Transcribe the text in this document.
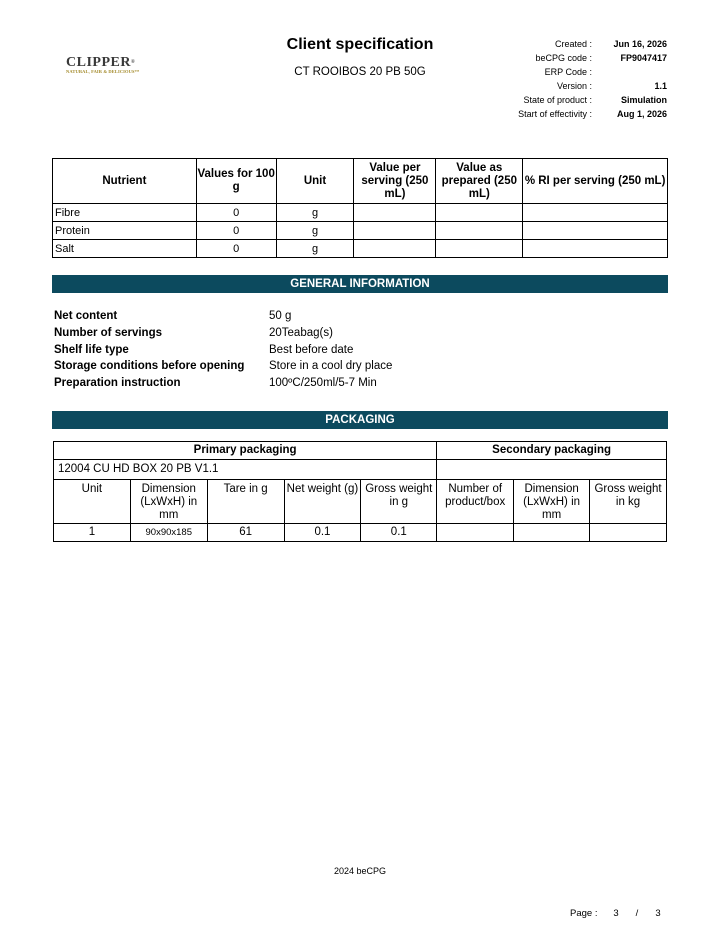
CLIPPER®
NATURAL, FAIR & DELICIOUS™
Client specification
CT ROOIBOS 20 PB 50G
Created :	Jun 16, 2026
beCPG code :	FP9047417
ERP Code :
Version :	1.1
State of product :	Simulation
Start of effectivity :	Aug 1, 2026
Nutrient	Values for 100 g	Unit	Value per serving (250 mL)	Value as prepared (250 mL)	% RI per serving (250 mL)
Fibre	0	g			
Protein	0	g			
Salt	0	g			
GENERAL INFORMATION
Net content	50 g
Number of servings	20Teabag(s)
Shelf life type	Best before date
Storage conditions before opening	Store in a cool dry place
Preparation instruction	100ºC/250ml/5-7 Min
PACKAGING
Primary packaging					Secondary packaging		
12004 CU HD BOX 20 PB V1.1							
Unit	Dimension (LxWxH) in mm	Tare in g	Net weight (g)	Gross weight in g	Number of product/box	Dimension (LxWxH) in mm	Gross weight in kg
1	90x90x185	61	0.1	0.1			
2024 beCPG
Page :	3	/	3
